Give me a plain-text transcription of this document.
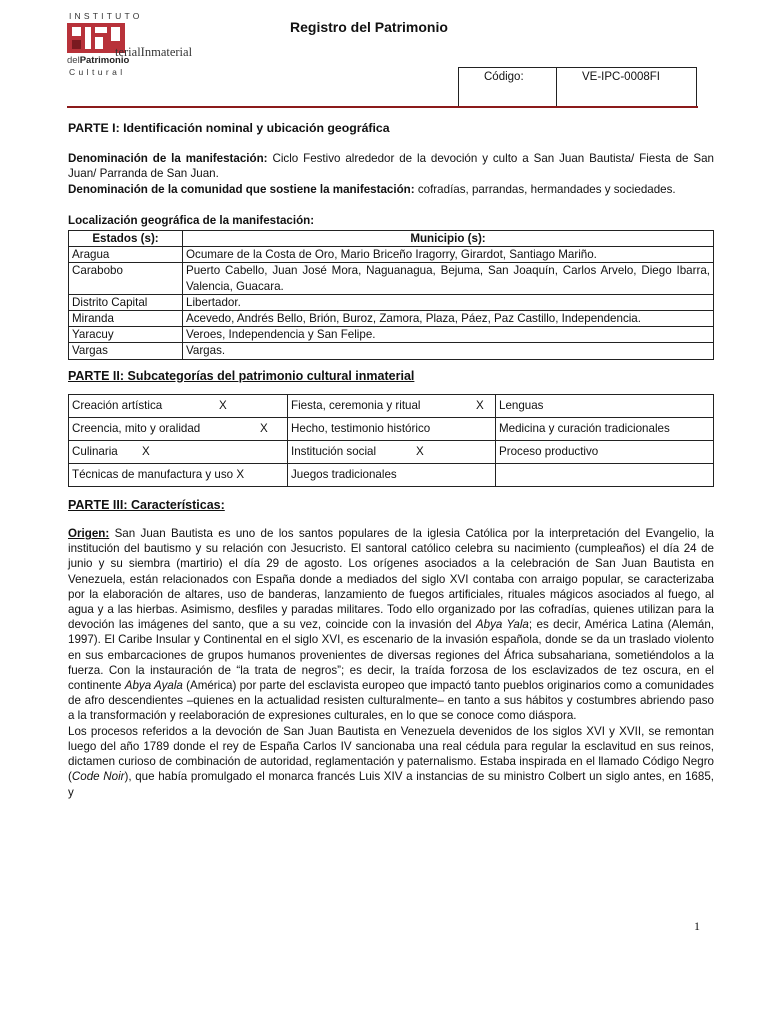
INSTITUTO
terialInmaterial
delPatrimonio
Cultural
Registro del Patrimonio
Código:	VE-IPC-0008FI
PARTE I: Identificación nominal y ubicación geográfica

Denominación de la manifestación: Ciclo Festivo alrededor de la devoción y culto a San Juan Bautista/ Fiesta de San Juan/ Parranda de San Juan.

Denominación de la comunidad que sostiene la manifestación: cofradías, parrandas, hermandades y sociedades.

Localización geográfica de la manifestación:
Estados (s):	Municipio (s):
Aragua	Ocumare de la Costa de Oro, Mario Briceño Iragorry, Girardot, Santiago Mariño.
Carabobo	Puerto Cabello, Juan José Mora, Naguanagua, Bejuma, San Joaquín, Carlos Arvelo, Diego Ibarra, Valencia, Guacara.
Distrito Capital	Libertador.
Miranda	Acevedo, Andrés Bello, Brión, Buroz, Zamora, Plaza, Páez, Paz Castillo, Independencia.
Yaracuy	Veroes, Independencia y San Felipe.
Vargas	Vargas.
PARTE II: Subcategorías del patrimonio cultural inmaterial
Creación artística X	Fiesta, ceremonia y ritual X	Lenguas
Creencia, mito y oralidad X	Hecho, testimonio histórico	Medicina y curación tradicionales
Culinaria X	Institución social X	Proceso productivo
Técnicas de manufactura y uso X	Juegos tradicionales	
PARTE III: Características:

Origen: San Juan Bautista es uno de los santos populares de la iglesia Católica por la interpretación del Evangelio, la institución del bautismo y su relación con Jesucristo. El santoral católico celebra su nacimiento (cumpleaños) el día 24 de junio y su siembra (martirio) el día 29 de agosto. Los orígenes asociados a la celebración de San Juan Bautista en Venezuela, están relacionados con España donde a mediados del siglo XVI contaba con arraigo popular, se caracterizaba por la elaboración de altares, uso de banderas, lanzamiento de fuegos artificiales, rituales mágicos asociados al fuego, al agua y a las hierbas. Asimismo, desfiles y paradas militares. Todo ello organizado por las cofradías, quienes utilizan para la devoción las imágenes del santo, que a su vez, coincide con la invasión del Abya Yala; es decir, América Latina (Alemán, 1997). El Caribe Insular y Continental en el siglo XVI, es escenario de la invasión española, donde se da un traslado violento en sus embarcaciones de grupos humanos provenientes de diversas regiones del África subsahariana, sometiéndolos a la fuerza. Con la instauración de “la trata de negros”; es decir, la traída forzosa de los esclavizados de tez oscura, en el continente Abya Ayala (América) por parte del esclavista europeo que impactó tanto pueblos originarios como a comunidades de afro descendientes –quienes en la actualidad resisten culturalmente– en tanto a sus hábitos y costumbres abriendo paso a la transformación y reelaboración de expresiones culturales, en lo que se conoce como diáspora.

Los procesos referidos a la devoción de San Juan Bautista en Venezuela devenidos de los siglos XVI y XVII, se remontan luego del año 1789 donde el rey de España Carlos IV sancionaba una real cédula para regular la esclavitud en sus reinos, dictamen curioso de combinación de autoridad, reglamentación y paternalismo. Estaba inspirada en el llamado Código Negro (Code Noir), que había promulgado el monarca francés Luis XIV a instancias de su ministro Colbert un siglo antes, en 1685, y

1
